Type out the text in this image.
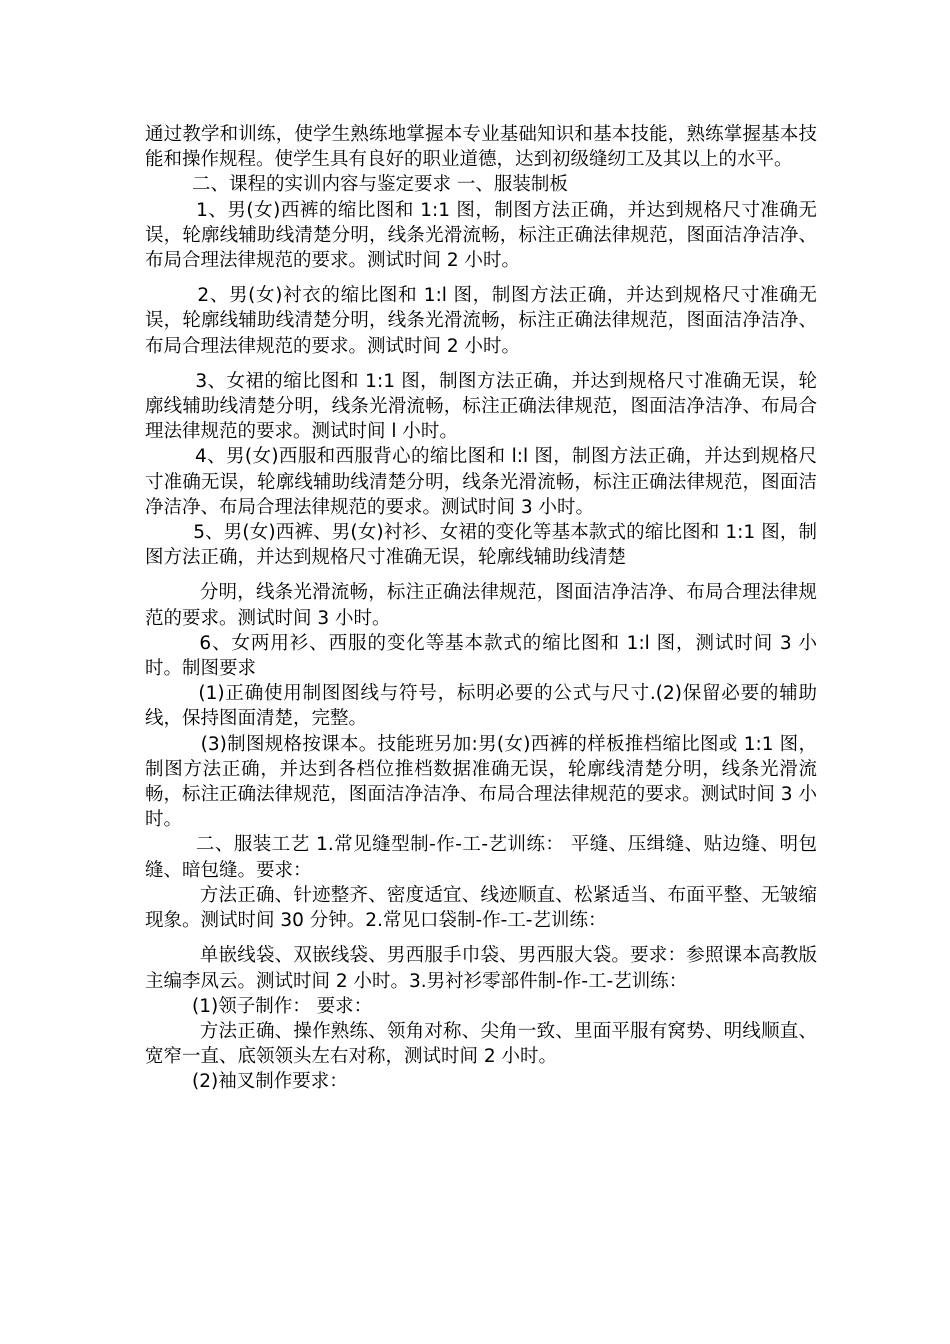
通过教学和训练，使学生熟练地掌握本专业基础知识和基本技能，熟练掌握基本技能和操作规程。使学生具有良好的职业道德，达到初级缝纫工及其以上的水平。

二、课程的实训内容与鉴定要求 一、服装制板

1、男(女)西裤的缩比图和 1:1 图，制图方法正确，并达到规格尺寸准确无误，轮廓线辅助线清楚分明，线条光滑流畅，标注正确法律规范，图面洁净洁净、布局合理法律规范的要求。测试时间 2 小时。

2、男(女)衬衣的缩比图和 1:l 图，制图方法正确，并达到规格尺寸准确无误，轮廓线辅助线清楚分明，线条光滑流畅，标注正确法律规范，图面洁净洁净、布局合理法律规范的要求。测试时间 2 小时。

3、女裙的缩比图和 1:1 图，制图方法正确，并达到规格尺寸准确无误，轮廓线辅助线清楚分明，线条光滑流畅，标注正确法律规范，图面洁净洁净、布局合理法律规范的要求。测试时间 l 小时。

4、男(女)西服和西服背心的缩比图和 l:l 图，制图方法正确，并达到规格尺寸准确无误，轮廓线辅助线清楚分明，线条光滑流畅，标注正确法律规范，图面洁净洁净、布局合理法律规范的要求。测试时间 3 小时。

5、男(女)西裤、男(女)衬衫、女裙的变化等基本款式的缩比图和 1:1 图，制图方法正确，并达到规格尺寸准确无误，轮廓线辅助线清楚

分明，线条光滑流畅，标注正确法律规范，图面洁净洁净、布局合理法律规范的要求。测试时间 3 小时。

6、女两用衫、西服的变化等基本款式的缩比图和 1:l 图，测试时间 3 小时。制图要求

(1)正确使用制图图线与符号，标明必要的公式与尺寸.(2)保留必要的辅助线，保持图面清楚，完整。

(3)制图规格按课本。技能班另加:男(女)西裤的样板推档缩比图或 1:1 图，制图方法正确，并达到各档位推档数据准确无误，轮廓线清楚分明，线条光滑流畅，标注正确法律规范，图面洁净洁净、布局合理法律规范的要求。测试时间 3 小时。

二、服装工艺 1.常见缝型制-作-工-艺训练： 平缝、压缉缝、贴边缝、明包缝、暗包缝。要求：

方法正确、针迹整齐、密度适宜、线迹顺直、松紧适当、布面平整、无皱缩现象。测试时间 30 分钟。2.常见口袋制-作-工-艺训练：

单嵌线袋、双嵌线袋、男西服手巾袋、男西服大袋。要求：参照课本高教版主编李凤云。测试时间 2 小时。3.男衬衫零部件制-作-工-艺训练：

(1)领子制作： 要求：

方法正确、操作熟练、领角对称、尖角一致、里面平服有窝势、明线顺直、宽窄一直、底领领头左右对称，测试时间 2 小时。

(2)袖叉制作要求：
